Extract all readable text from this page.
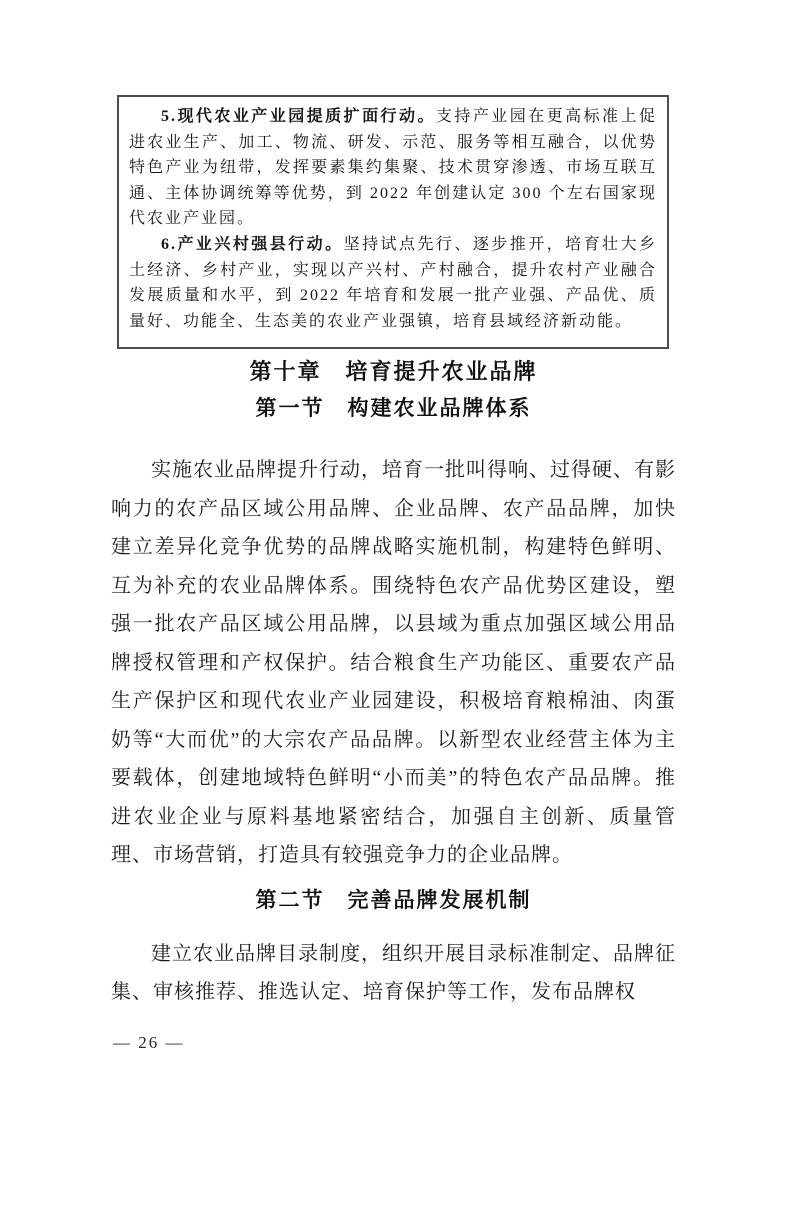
5.现代农业产业园提质扩面行动。支持产业园在更高标准上促进农业生产、加工、物流、研发、示范、服务等相互融合，以优势特色产业为纽带，发挥要素集约集聚、技术贯穿渗透、市场互联互通、主体协调统筹等优势，到 2022 年创建认定 300 个左右国家现代农业产业园。

6.产业兴村强县行动。坚持试点先行、逐步推开，培育壮大乡土经济、乡村产业，实现以产兴村、产村融合，提升农村产业融合发展质量和水平，到 2022 年培育和发展一批产业强、产品优、质量好、功能全、生态美的农业产业强镇，培育县域经济新动能。

第十章　培育提升农业品牌
第一节　构建农业品牌体系

实施农业品牌提升行动，培育一批叫得响、过得硬、有影响力的农产品区域公用品牌、企业品牌、农产品品牌，加快建立差异化竞争优势的品牌战略实施机制，构建特色鲜明、互为补充的农业品牌体系。围绕特色农产品优势区建设，塑强一批农产品区域公用品牌，以县域为重点加强区域公用品牌授权管理和产权保护。结合粮食生产功能区、重要农产品生产保护区和现代农业产业园建设，积极培育粮棉油、肉蛋奶等“大而优”的大宗农产品品牌。以新型农业经营主体为主要载体，创建地域特色鲜明“小而美”的特色农产品品牌。推进农业企业与原料基地紧密结合，加强自主创新、质量管理、市场营销，打造具有较强竞争力的企业品牌。

第二节　完善品牌发展机制

建立农业品牌目录制度，组织开展目录标准制定、品牌征集、审核推荐、推选认定、培育保护等工作，发布品牌权

— 26 —
